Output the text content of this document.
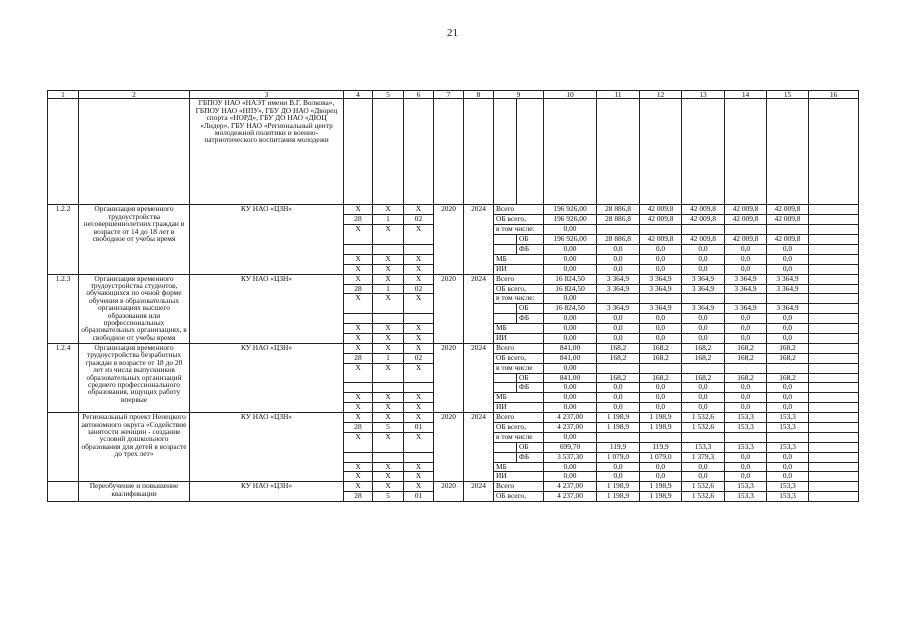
21
1	2	3	4	5	6	7	8	9		10	11	12	13	14	15	16
		ГБПОУ НАО «НАЭТ имени В.Г. Волкова», ГБПОУ НАО «НПУ», ГБУ ДО НАО «Дворец спорта «НОРД», ГБУ ДО НАО «ДЮЦ «Лидер», ГБУ НАО «Региональный центр молодежной политики и военно-патриотического воспитания молодежи														
1.2.2	Организация временного трудоустройства несовершеннолетних граждан в возрасте от 14 до 18 лет в свободное от учебы время	КУ НАО «ЦЗН»	Х	Х	Х	2020	2024	Всего		196 926,00	28 886,8	42 009,8	42 009,8	42 009,8	42 009,8	
			28	1	02			ОБ всего,		196 926,00	28 886,8	42 009,8	42 009,8	42 009,8	42 009,8	
			Х	Х	Х			в том числе:		0,00						
									ОБ	196 926,00	28 886,8	42 009,8	42 009,8	42 009,8	42 009,8	
									ФБ	0,00	0,0	0,0	0,0	0,0	0,0	
			Х	Х	Х			МБ		0,00	0,0	0,0	0,0	0,0	0,0	
			Х	Х	Х			ИИ		0,00	0,0	0,0	0,0	0,0	0,0	
1.2.3	Организация временного трудоустройства студентов, обучающихся по очной форме обучения в образовательных организациях высшего образования или профессиональных образовательных организациях, в свободное от учебы время	КУ НАО «ЦЗН»	Х	Х	Х	2020	2024	Всего		16 824,50	3 364,9	3 364,9	3 364,9	3 364,9	3 364,9	
			28	1	02			ОБ всего,		16 824,50	3 364,9	3 364,9	3 364,9	3 364,9	3 364,9	
			Х	Х	Х			в том числе:		0,00						
									ОБ	16 824,50	3 364,9	3 364,9	3 364,9	3 364,9	3 364,9	
									ФБ	0,00	0,0	0,0	0,0	0,0	0,0	
			Х	Х	Х			МБ		0,00	0,0	0,0	0,0	0,0	0,0	
			Х	Х	Х			ИИ		0,00	0,0	0,0	0,0	0,0	0,0	
1.2.4	Организация временного трудоустройства безработных граждан в возрасте от 18 до 20 лет из числа выпускников образовательных организаций среднего профессионального образования, ищущих работу впервые	КУ НАО «ЦЗН»	Х	Х	Х	2020	2024	Всего		841,00	168,2	168,2	168,2	168,2	168,2	
			28	1	02			ОБ всего,		841,00	168,2	168,2	168,2	168,2	168,2	
			Х	Х	Х			в том числе		0,00						
									ОБ	841,00	168,2	168,2	168,2	168,2	168,2	
									ФБ	0,00	0,0	0,0	0,0	0,0	0,0	
			Х	Х	Х			МБ		0,00	0,0	0,0	0,0	0,0	0,0	
			Х	Х	Х			ИИ		0,00	0,0	0,0	0,0	0,0	0,0	
	Региональный проект Ненецкого автономного округа «Содействие занятости женщин - создание условий дошкольного образования для детей в возрасте до трех лет»	КУ НАО «ЦЗН»	Х	Х	Х	2020	2024	Всего		4 237,00	1 198,9	1 198,9	1 532,6	153,3	153,3	
			28	5	01			ОБ всего,		4 237,00	1 198,9	1 198,9	1 532,6	153,3	153,3	
			Х	Х	Х			в том числе		0,00						
									ОБ	699,70	119,9	119,9	153,3	153,3	153,3	
									ФБ	3 537,30	1 079,0	1 079,0	1 379,3	0,0	0,0	
			Х	Х	Х			МБ		0,00	0,0	0,0	0,0	0,0	0,0	
			Х	Х	Х			ИИ		0,00	0,0	0,0	0,0	0,0	0,0	
	Переобучение и повышение квалификации	КУ НАО «ЦЗН»	Х	Х	Х	2020	2024	Всего		4 237,00	1 198,9	1 198,9	1 532,6	153,3	153,3	
			28	5	01			ОБ всего,		4 237,00	1 198,9	1 198,9	1 532,6	153,3	153,3	
